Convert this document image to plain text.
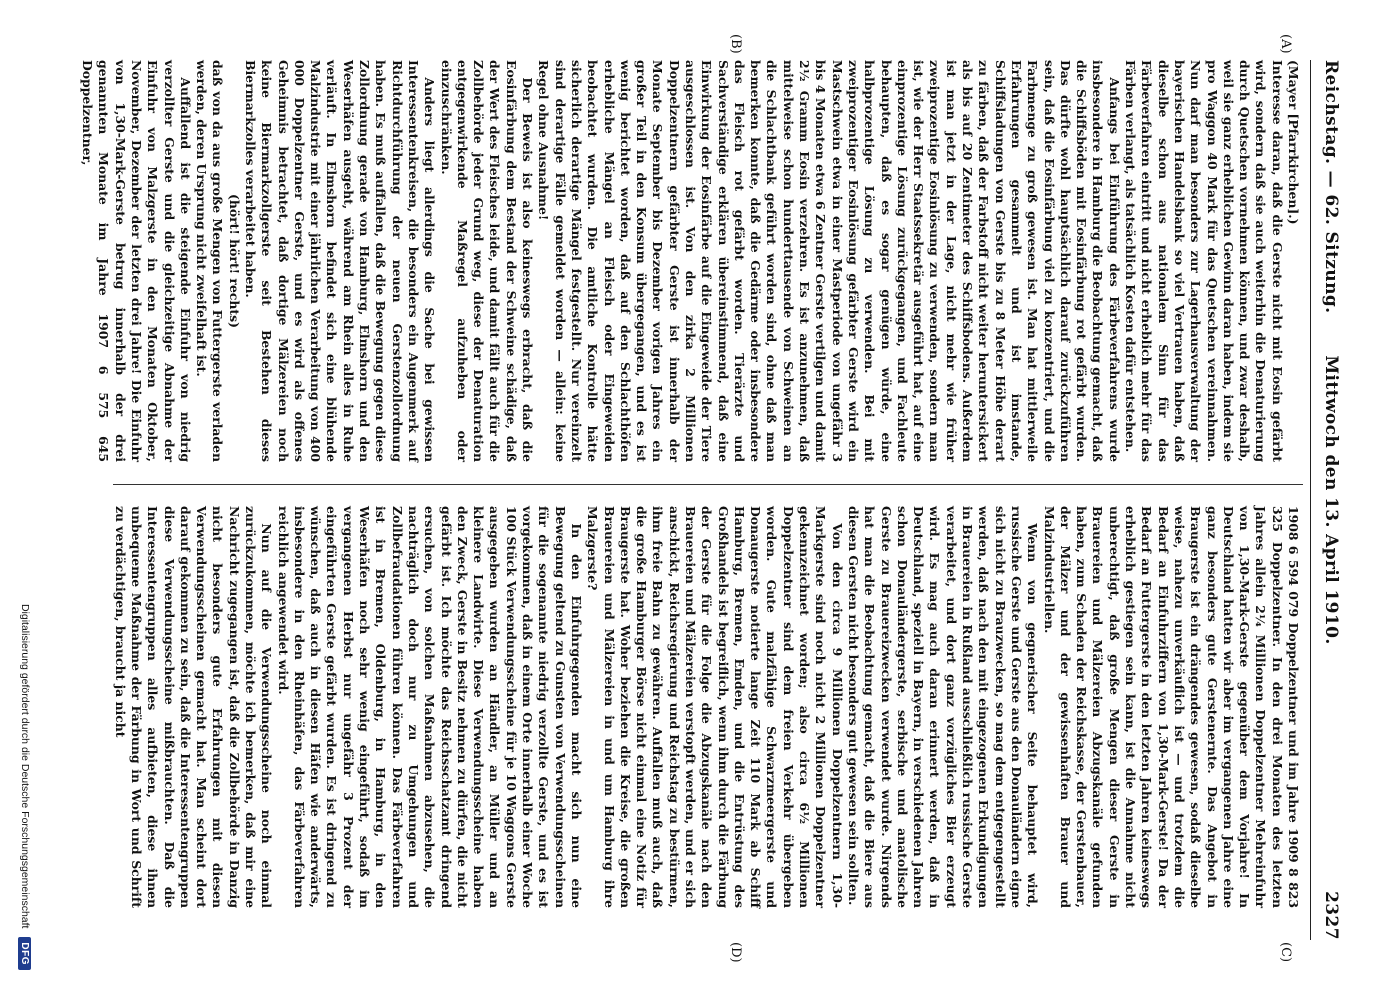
Reichstag. — 62. Sitzung.
Mittwoch den 13. April 1910.
2327
(A)
(B)
(C)
(D)

(Mayer [Pfarrkirchen].)

Interesse daran, daß die Gerste nicht mit Eosin gefärbt wird, sondern daß sie auch weiterhin die Denaturierung durch Quetschen vornehmen können, und zwar deshalb, weil sie ganz erheblichen Gewinn daran haben, indem sie pro Waggon 40 Mark für das Quetschen vereinnahmen. Nun darf man besonders zur Lagerhausverwaltung der bayerischen Handelsbank so viel Vertrauen haben, daß dieselbe schon aus nationalem Sinn für das Färbeverfahren eintritt und nicht erheblich mehr für das Färben verlangt, als tatsächlich Kosten dafür entstehen.

Anfangs bei Einführung des Färbeverfahrens wurde insbesondere in Hamburg die Beobachtung gemacht, daß die Schiffsböden mit Eosinfärbung rot gefärbt wurden. Das dürfte wohl hauptsächlich darauf zurückzuführen sein, daß die Eosinfärbung viel zu konzentriert, und die Farbmenge zu groß gewesen ist. Man hat mittlerweile Erfahrungen gesammelt und ist imstande, Schiffsladungen von Gerste bis zu 8 Meter Höhe derart zu färben, daß der Farbstoff nicht weiter heruntersickert als bis auf 20 Zentimeter des Schiffsbodens. Außerdem ist man jetzt in der Lage, nicht mehr wie früher zweiprozentige Eosinlösung zu verwenden, sondern man ist, wie der Herr Staatssekretär ausgeführt hat, auf eine einprozentige Lösung zurückgegangen, und Fachleute behaupten, daß es sogar genügen würde, eine halbprozentige Lösung zu verwenden. Bei mit zweiprozentiger Eosinlösung gefärbter Gerste wird ein Mastschwein etwa in einer Mastperiode von ungefähr 3 bis 4 Monaten etwa 6 Zentner Gerste vertilgen und damit 2½ Gramm Eosin verzehren. Es ist anzunehmen, daß mittelweise schon hunderttausende von Schweinen an die Schlachtbank geführt worden sind, ohne daß man bemerken konnte, daß die Gedärme oder insbesondere das Fleisch rot gefärbt worden. Tierärzte und Sachverständige erklären übereinstimmend, daß eine Einwirkung der Eosinfärbe auf die Eingeweide der Tiere ausgeschlossen ist. Von den zirka 2 Millionen Doppelzentnern gefärbter Gerste ist innerhalb der Monate September bis Dezember vorigen Jahres ein großer Teil in den Konsum übergegangen, und es ist wenig berichtet worden, daß auf den Schlachthöfen erhebliche Mängel an Fleisch oder Eingeweiden beobachtet wurden. Die amtliche Kontrolle hätte sicherlich derartige Mängel festgestellt. Nur vereinzelt sind derartige Fälle gemeldet worden — allein: keine Regel ohne Ausnahme!

Der Beweis ist also keineswegs erbracht, daß die Eosinfärbung dem Bestand der Schweine schädige, daß der Wert des Fleisches leide, und damit fällt auch für die Zollbehörde jeder Grund weg, diese der Denaturation entgegenwirkende Maßregel aufzuheben oder einzuschränken.

Anders liegt allerdings die Sache bei gewissen Interessentenkreisen, die besonders ein Augenmerk auf Richtdurchführung der neuen Gerstenzollordnung haben. Es muß auffallen, daß die Bewegung gegen diese Zollordnung gerade von Hamburg, Elmshorn und den Weserhäfen ausgeht, während am Rhein alles in Ruhe verläuft. In Elmshorn befindet sich eine blühende Malzindustrie mit einer jährlichen Verarbeitung von 400 000 Doppelzentner Gerste, und es wird als offenes Geheimnis betrachtet, daß dortige Mälzereien noch keine Biermarkzollgerste seit Bestehen dieses Biermarkzolles verarbeitet haben.

(hört! hört! rechts)

daß von da aus große Mengen von Futtergerste verladen werden, deren Ursprung nicht zweifelhaft ist.

Auffallend ist die steigende Einfuhr von niedrig verzollter Gerste und die gleichzeitige Abnahme der Einfuhr von Malzgerste in den Monaten Oktober, November, Dezember der letzten drei Jahre! Die Einfuhr von 1,30-Mark-Gerste betrug innerhalb der drei genannten Monate im Jahre 1907 6 575 645 Doppelzentner,

1908 6 594 079 Doppelzentner und im Jahre 1909 8 823 325 Doppelzentner. In den drei Monaten des letzten Jahres allein 2¼ Millionen Doppelzentner Mehreinfuhr von 1,30-Mark-Gerste gegenüber dem Vorjahre! In Deutschland hatten wir aber im vergangenen Jahre eine ganz besonders gute Gerstenernte. Das Angebot in Braugerste ist ein drängendes gewesen, sodaß dieselbe weise, nahezu unverkäuflich ist — und trotzdem die Bedarf an Einfuhrziffern von 1,30-Mark-Gerste! Da der Bedarf an Futtergerste in den letzten Jahren keineswegs erheblich gestiegen sein kann, ist die Annahme nicht unberechtigt, daß große Mengen dieser Gerste in Brauereien und Mälzereien Abzugskanäle gefunden haben, zum Schaden der Reichskasse, der Gerstenbauer, der Mälzer und der gewissenhaften Brauer und Malzindustriellen.

Wenn von gegnerischer Seite behauptet wird, russische Gerste und Gerste aus den Donauländern eigne sich nicht zu Brauzwecken, so mag dem entgegengestellt werden, daß nach den mit eingezogenen Erkundigungen in Brauereien in Rußland ausschließlich russische Gerste verarbeitet, und dort ganz vorzügliches Bier erzeugt wird. Es mag auch daran erinnert werden, daß in Deutschland, speziell in Bayern, in verschiedenen Jahren schon Donauländergerste, serbische und anatolische Gerste zu Brauereizwecken verwendet wurde. Nirgends hat man die Beobachtung gemacht, daß die Biere aus diesen Gersten nicht besonders gut gewesen sein sollten.

Von den circa 9 Millionen Doppelzentnern 1,30-Markgerste sind noch nicht 2 Millionen Doppelzentner gekennzeichnet worden; also circa 6½ Millionen Doppelzentner sind dem freien Verkehr übergeben worden. Gute malzfähige Schwarzmeergerste und Donaugerste notierte lange Zeit 110 Mark ab Schiff Hamburg, Bremen, Emden, und die Entrüstung des Großhandels ist begreiflich, wenn ihm durch die Färbung der Gerste für die Folge die Abzugskanäle nach den Brauereien und Mälzereien verstopft werden, und er sich anschickt, Reichsregierung und Reichstag zu bestürmen, ihm freie Bahn zu gewähren. Auffallen muß auch, daß die große Hamburger Börse nicht einmal eine Notiz für Braugerste hat. Woher beziehen die Kreise, die großen Brauereien und Mälzereien in und um Hamburg ihre Malzgerste?

In den Einfuhrgegenden macht sich nun eine Bewegung geltend zu Gunsten von Verwendungsscheinen für die sogenannte niedrig verzollte Gerste, und es ist vorgekommen, daß in einem Orte innerhalb einer Woche 100 Stück Verwendungsscheine für je 10 Waggons Gerste ausgegeben wurden an Händler, an Müller und an kleinere Landwirte. Diese Verwendungsscheine haben den Zweck, Gerste in Besitz nehmen zu dürfen, die nicht gefärbt ist. Ich möchte das Reichsschatzamt dringend ersuchen, von solchen Maßnahmen abzusehen, die nachträglich doch nur zu Umgehungen und Zollbefraudationen führen können. Das Färbeverfahren ist in Bremen, Oldenburg, in Hamburg, in den Weserhäfen noch sehr wenig eingeführt, sodaß im vergangenen Herbst nur ungefähr 3 Prozent der eingeführten Gerste gefärbt wurden. Es ist dringend zu wünschen, daß auch in diesen Häfen wie anderwärts, insbesondere in den Rheinhäfen, das Färbeverfahren reichlich angewendet wird.

Nun auf die Verwendungsscheine noch einmal zurückzukommen, möchte ich bemerken, daß mir eine Nachricht zugegangen ist, daß die Zollbehörde in Danzig nicht besonders gute Erfahrungen mit diesen Verwendungsscheinen gemacht hat. Man scheint dort darauf gekommen zu sein, daß die Interessentengruppen diese Verwendungsscheine mißbrauchten. Daß die Interessentengruppen alles aufbieten, diese ihnen unbequeme Maßnahme der Färbung in Wort und Schrift zu verdächtigen, braucht ja nicht

Digitalisierung gefördert durch die Deutsche Forschungsgemeinschaft DFG
